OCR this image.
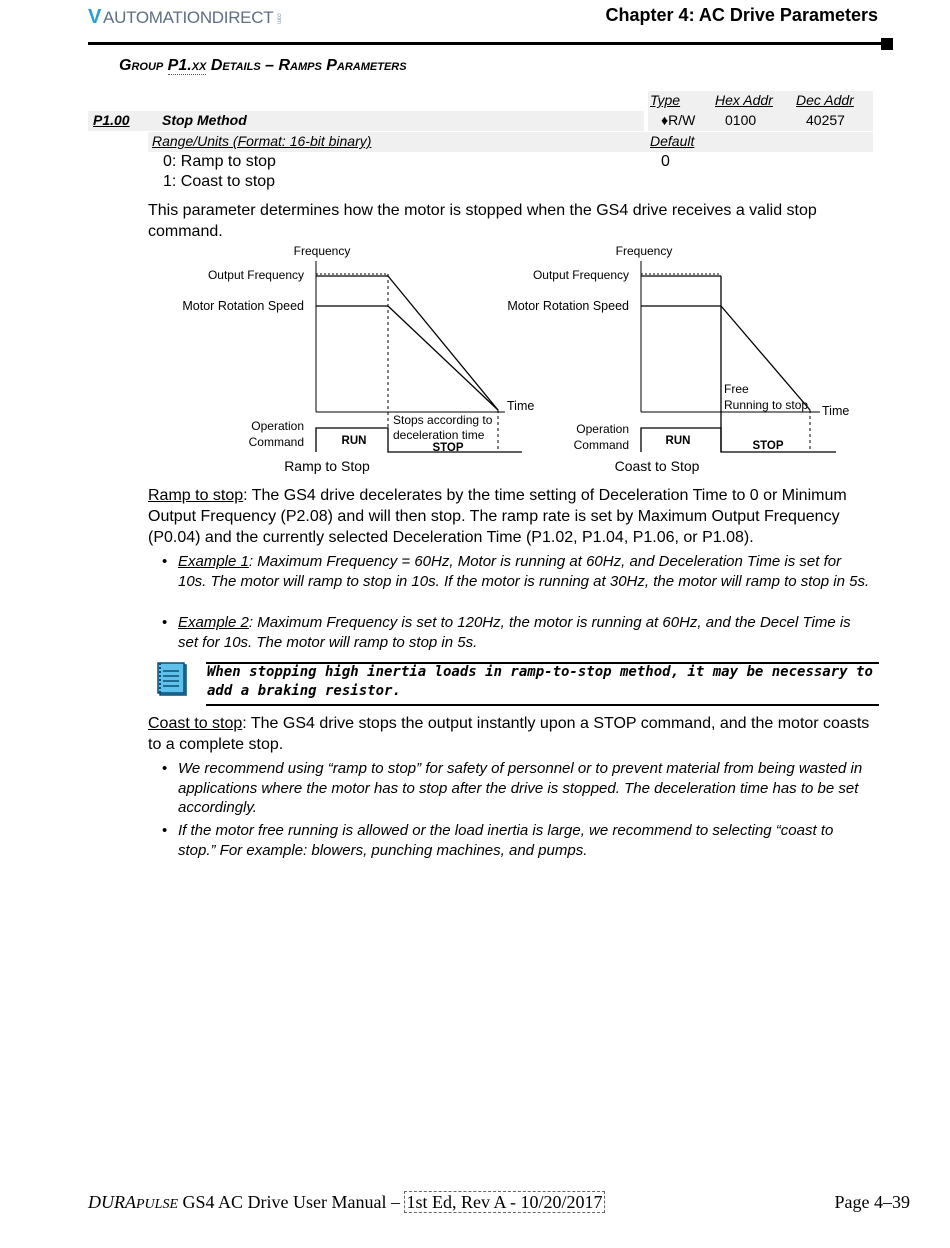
V AUTOMATIONDIRECT .com	Chapter 4: AC Drive Parameters
Group P1.xx Details – Ramps Parameters
Type Hex Addr Dec Addr
P1.00 Stop Method	♦R/W 0100	40257
Range/Units (Format: 16-bit binary)	Default
0: Ramp to stop	0
1: Coast to stop
This parameter determines how the motor is stopped when the GS4 drive receives a valid stop command.
Frequency
Output Frequency
Motor Rotation Speed
Time
Operation
Command	RUN
Stops according to
deceleration time
STOP
Ramp to Stop
Frequency
Output Frequency
Motor Rotation Speed
Free
Running to stop Time
Operation
Command	RUN	STOP
Coast to Stop
Ramp to stop: The GS4 drive decelerates by the time setting of Deceleration Time to 0 or Minimum Output Frequency (P2.08) and will then stop. The ramp rate is set by Maximum Output Frequency (P0.04) and the currently selected Deceleration Time (P1.02, P1.04, P1.06, or P1.08).
• Example 1: Maximum Frequency = 60Hz, Motor is running at 60Hz, and Deceleration Time is set for 10s. The motor will ramp to stop in 10s. If the motor is running at 30Hz, the motor will ramp to stop in 5s.
• Example 2: Maximum Frequency is set to 120Hz, the motor is running at 60Hz, and the Decel Time is set for 10s. The motor will ramp to stop in 5s.
When stopping high inertia loads in ramp-to-stop method, it may be necessary to add a braking resistor.
Coast to stop: The GS4 drive stops the output instantly upon a STOP command, and the motor coasts to a complete stop.
• We recommend using “ramp to stop” for safety of personnel or to prevent material from being wasted in applications where the motor has to stop after the drive is stopped. The deceleration time has to be set accordingly.
• If the motor free running is allowed or the load inertia is large, we recommend to selecting “coast to stop.” For example: blowers, punching machines, and pumps.
DURAPULSE GS4 AC Drive User Manual – 1st Ed, Rev A - 10/20/2017	Page 4–39
